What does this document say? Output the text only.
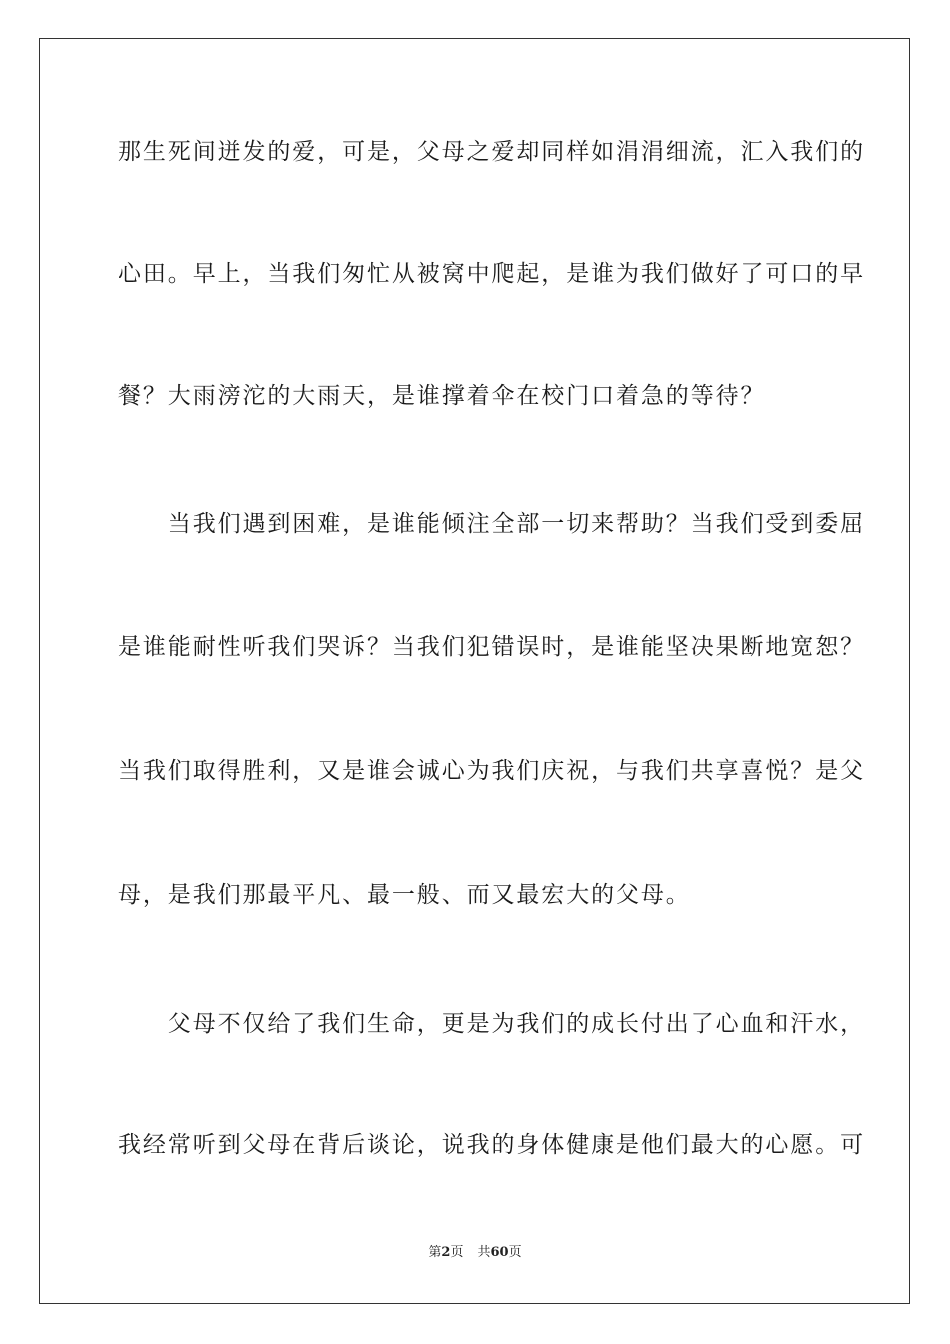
那生死间迸发的爱，可是，父母之爱却同样如涓涓细流，汇入我们的
心田。早上，当我们匆忙从被窝中爬起，是谁为我们做好了可口的早
餐？大雨滂沱的大雨天，是谁撑着伞在校门口着急的等待？
　　当我们遇到困难，是谁能倾注全部一切来帮助？当我们受到委屈
是谁能耐性听我们哭诉？当我们犯错误时，是谁能坚决果断地宽恕？
当我们取得胜利，又是谁会诚心为我们庆祝，与我们共享喜悦？是父
母，是我们那最平凡、最一般、而又最宏大的父母。
　　父母不仅给了我们生命，更是为我们的成长付出了心血和汗水，
我经常听到父母在背后谈论，说我的身体健康是他们最大的心愿。可
第2页 共60页
